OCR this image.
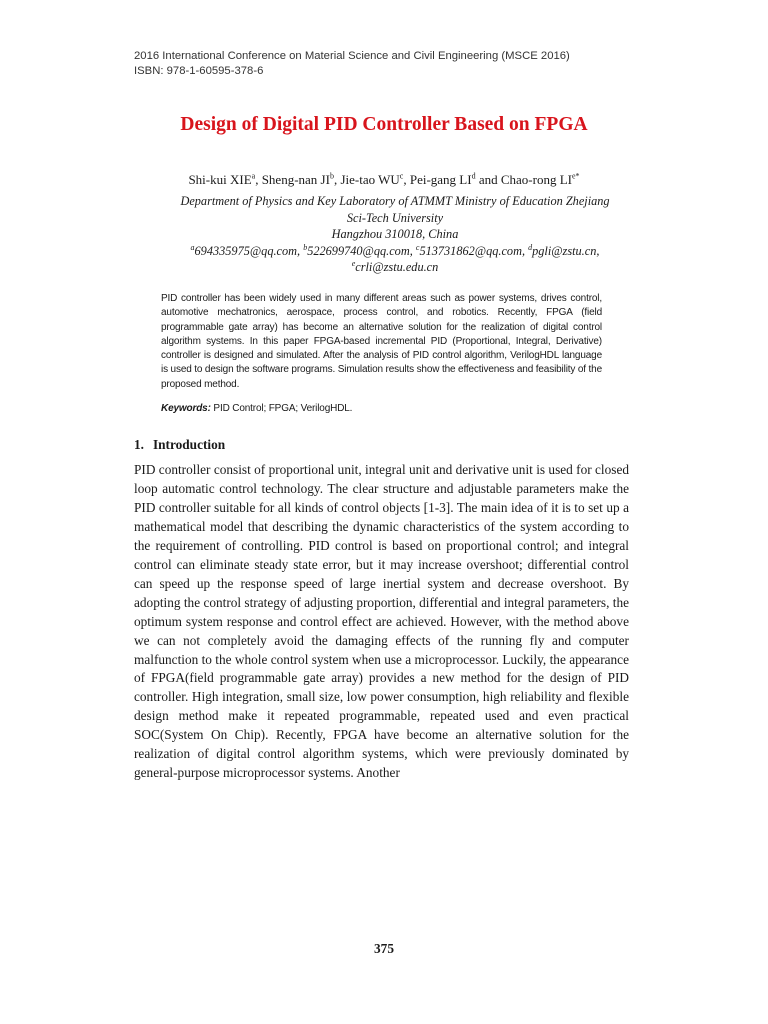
2016 International Conference on Material Science and Civil Engineering (MSCE 2016)
ISBN: 978-1-60595-378-6
Design of Digital PID Controller Based on FPGA
Shi-kui XIE$^a$, Sheng-nan $JI^b$, Jie-tao $WU^c$, Pei-gang $LI^d$ and Chao-rong $LI^{e*}$
Department of Physics and Key Laboratory of ATMMT Ministry of Education Zhejiang
Sci-Tech University
Hangzhou 310018, China
$^a$694335975@qq.com, $^b$522699740@qq.com, $^c$513731862@qq.com, $^d$pgli@zstu.cn,
$^e$crli@zstu.edu.cn
PID controller has been widely used in many different areas such as power systems, drives control, automotive mechatronics, aerospace, process control, and robotics. Recently, FPGA (field programmable gate array) has become an alternative solution for the realization of digital control algorithm systems. In this paper FPGA-based incremental PID (Proportional, Integral, Derivative) controller is designed and simulated. After the analysis of PID control algorithm, VerilogHDL language is used to design the software programs. Simulation results show the effectiveness and feasibility of the proposed method.
Keywords: PID Control; FPGA; VerilogHDL.
1. Introduction
PID controller consist of proportional unit, integral unit and derivative unit is used for closed loop automatic control technology. The clear structure and adjustable parameters make the PID controller suitable for all kinds of control objects [1-3]. The main idea of it is to set up a mathematical model that describing the dynamic characteristics of the system according to the requirement of controlling. PID control is based on proportional control; and integral control can eliminate steady state error, but it may increase overshoot; differential control can speed up the response speed of large inertial system and decrease overshoot. By adopting the control strategy of adjusting proportion, differential and integral parameters, the optimum system response and control effect are achieved. However, with the method above we can not completely avoid the damaging effects of the running fly and computer malfunction to the whole control system when use a microprocessor. Luckily, the appearance of FPGA(field programmable gate array) provides a new method for the design of PID controller. High integration, small size, low power consumption, high reliability and flexible design method make it repeated programmable, repeated used and even practical SOC(System On Chip). Recently, FPGA have become an alternative solution for the realization of digital control algorithm systems, which were previously dominated by general-purpose microprocessor systems. Another
375
